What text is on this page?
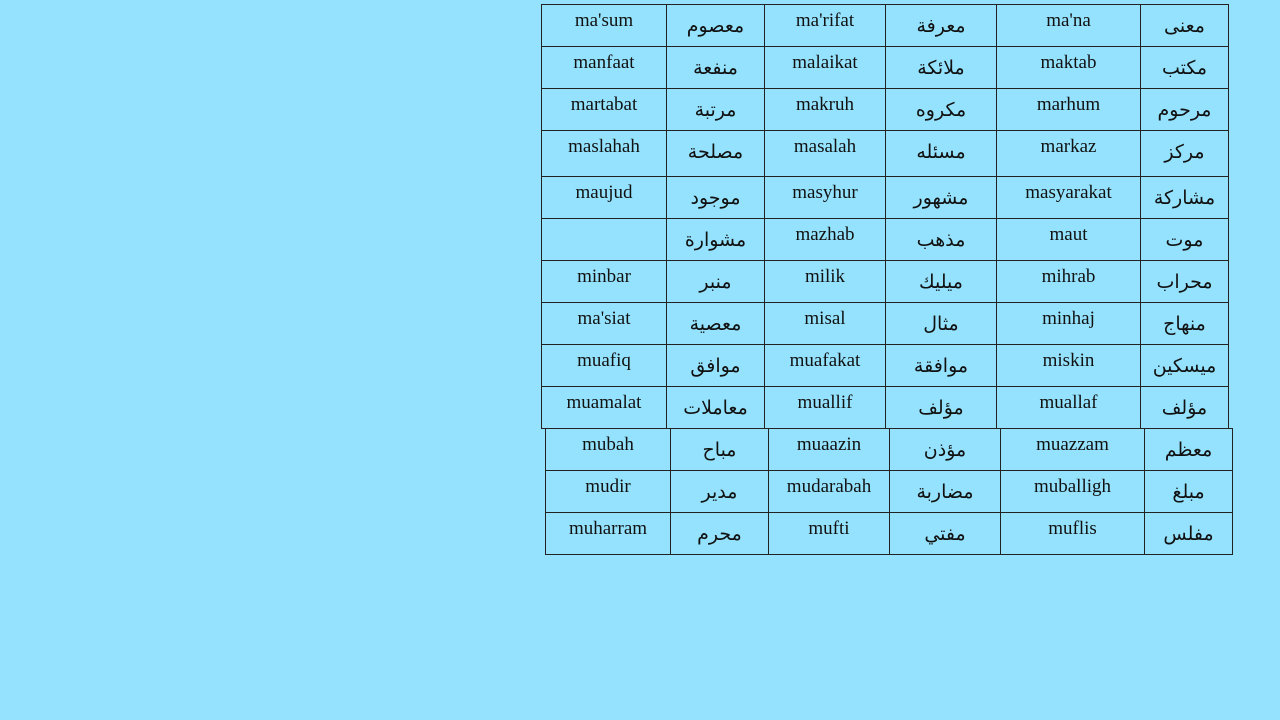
ma'sum	معصوم	ma'rifat	معرفة	ma'na	معنى
manfaat	منفعة	malaikat	ملائكة	maktab	مكتب
martabat	مرتبة	makruh	مكروه	marhum	مرحوم
maslahah	مصلحة	masalah	مسئله	markaz	مركز
maujud	موجود	masyhur	مشهور	masyarakat	مشاركة
	مشوارة	mazhab	مذهب	maut	موت
minbar	منبر	milik	ميليك	mihrab	محراب
ma'siat	معصية	misal	مثال	minhaj	منهاج
muafiq	موافق	muafakat	موافقة	miskin	ميسكين
muamalat	معاملات	muallif	مؤلف	muallaf	مؤلف
mubah	مباح	muaazin	مؤذن	muazzam	معظم
mudir	مدير	mudarabah	مضاربة	muballigh	مبلغ
muharram	محرم	mufti	مفتي	muflis	مفلس
